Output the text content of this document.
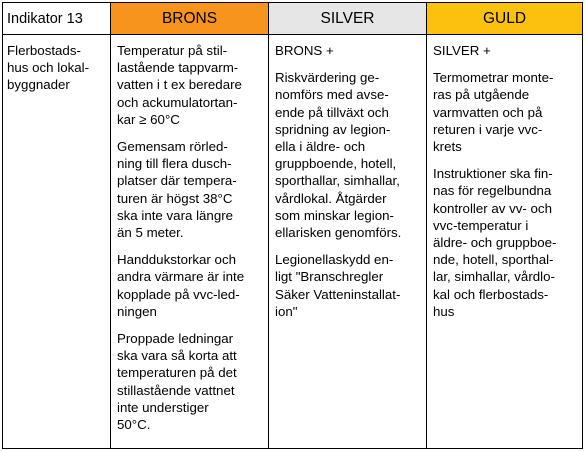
Indikator 13
Flerbostads-
hus och lokal-
byggnader
BRONS
Temperatur på stil-
lastående tappvarm-
vatten i t ex beredare
och ackumulatortan-
kar ≥ 60°C
Gemensam rörled-
ning till flera dusch-
platser där tempera-
turen är högst 38°C
ska inte vara längre
än 5 meter.
Handdukstorkar och
andra värmare är inte
kopplade på vvc-led-
ningen
Proppade ledningar
ska vara så korta att
temperaturen på det
stillastående vattnet
inte understiger
50°C.
SILVER
BRONS +
Riskvärdering ge-
nomförs med avse-
ende på tillväxt och
spridning av legion-
ella i äldre- och
gruppboende, hotell,
sporthallar, simhallar,
vårdlokal. Åtgärder
som minskar legion-
ellarisken genomförs.
Legionellaskydd en-
ligt "Branschregler
Säker Vatteninstallat-
ion"
GULD
SILVER +
Termometrar monte-
ras på utgående
varmvatten och på
returen i varje vvc-
krets
Instruktioner ska fin-
nas för regelbundna
kontroller av vv- och
vvc-temperatur i
äldre- och gruppboe-
nde, hotell, sporthal-
lar, simhallar, vårdlo-
kal och flerbostads-
hus
